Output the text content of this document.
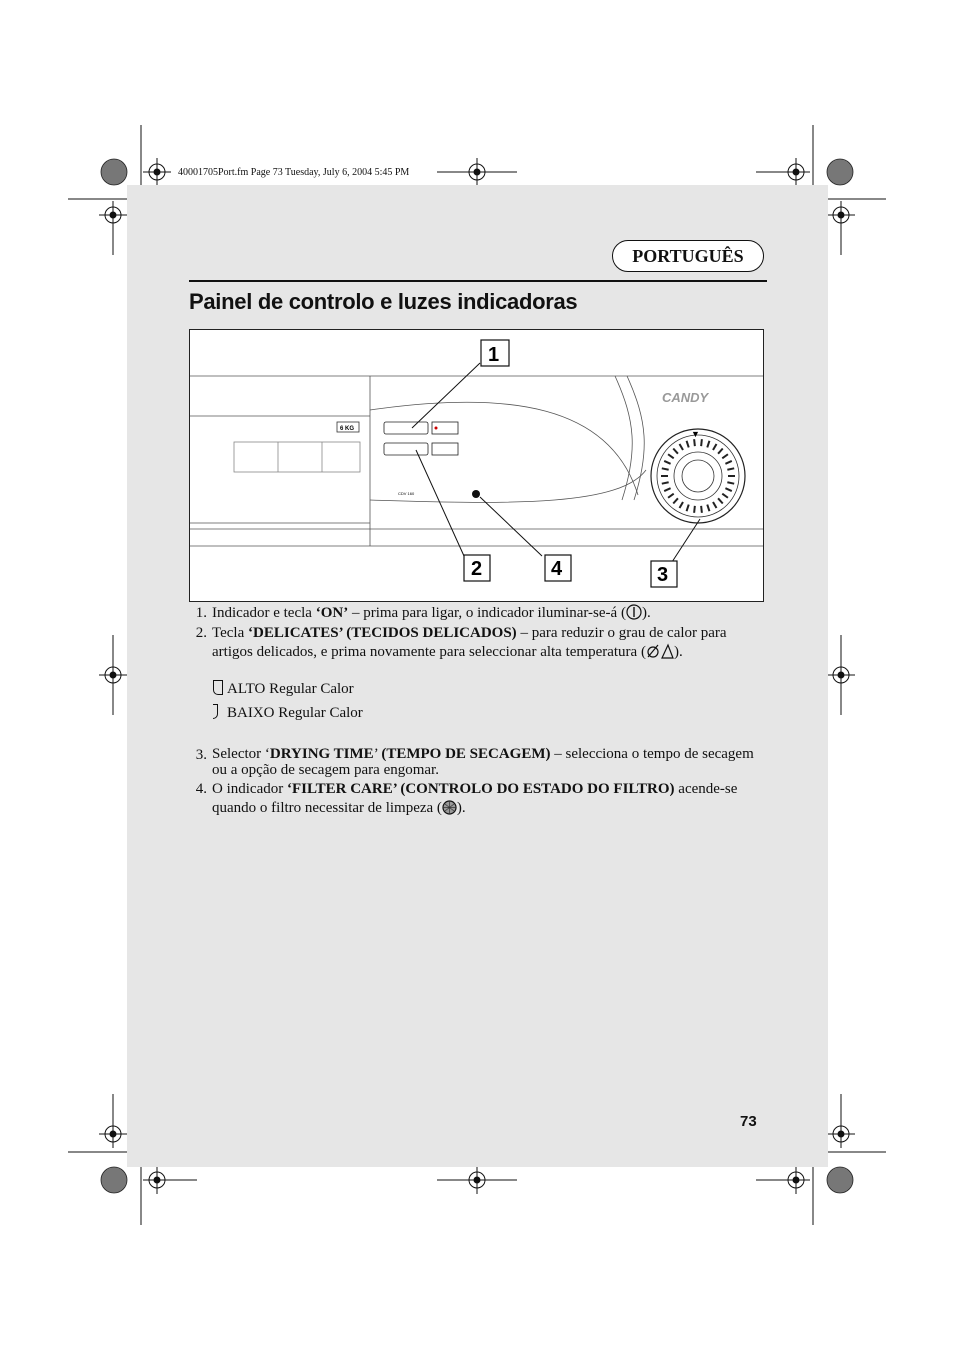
40001705Port.fm Page 73 Tuesday, July 6, 2004 5:45 PM
PORTUGUÊS
Painel de controlo e luzes indicadoras
6 KG
CDV 160
CANDY
▼
1
2	3
4
1. Indicador e tecla ‘ON’ – prima para ligar, o indicador iluminar-se-á ( ).
2. Tecla ‘DELICATES’ (TECIDOS DELICADOS) – para reduzir o grau de calor para artigos delicados, e prima novamente para seleccionar alta temperatura ( ).
ALTO Regular Calor
BAIXO Regular Calor
3. Selector ‘DRYING TIME’ (TEMPO DE SECAGEM) – selecciona o tempo de secagem ou a opção de secagem para engomar.
4. O indicador ‘FILTER CARE’ (CONTROLO DO ESTADO DO FILTRO) acende-se quando o filtro necessitar de limpeza ( ).
73
